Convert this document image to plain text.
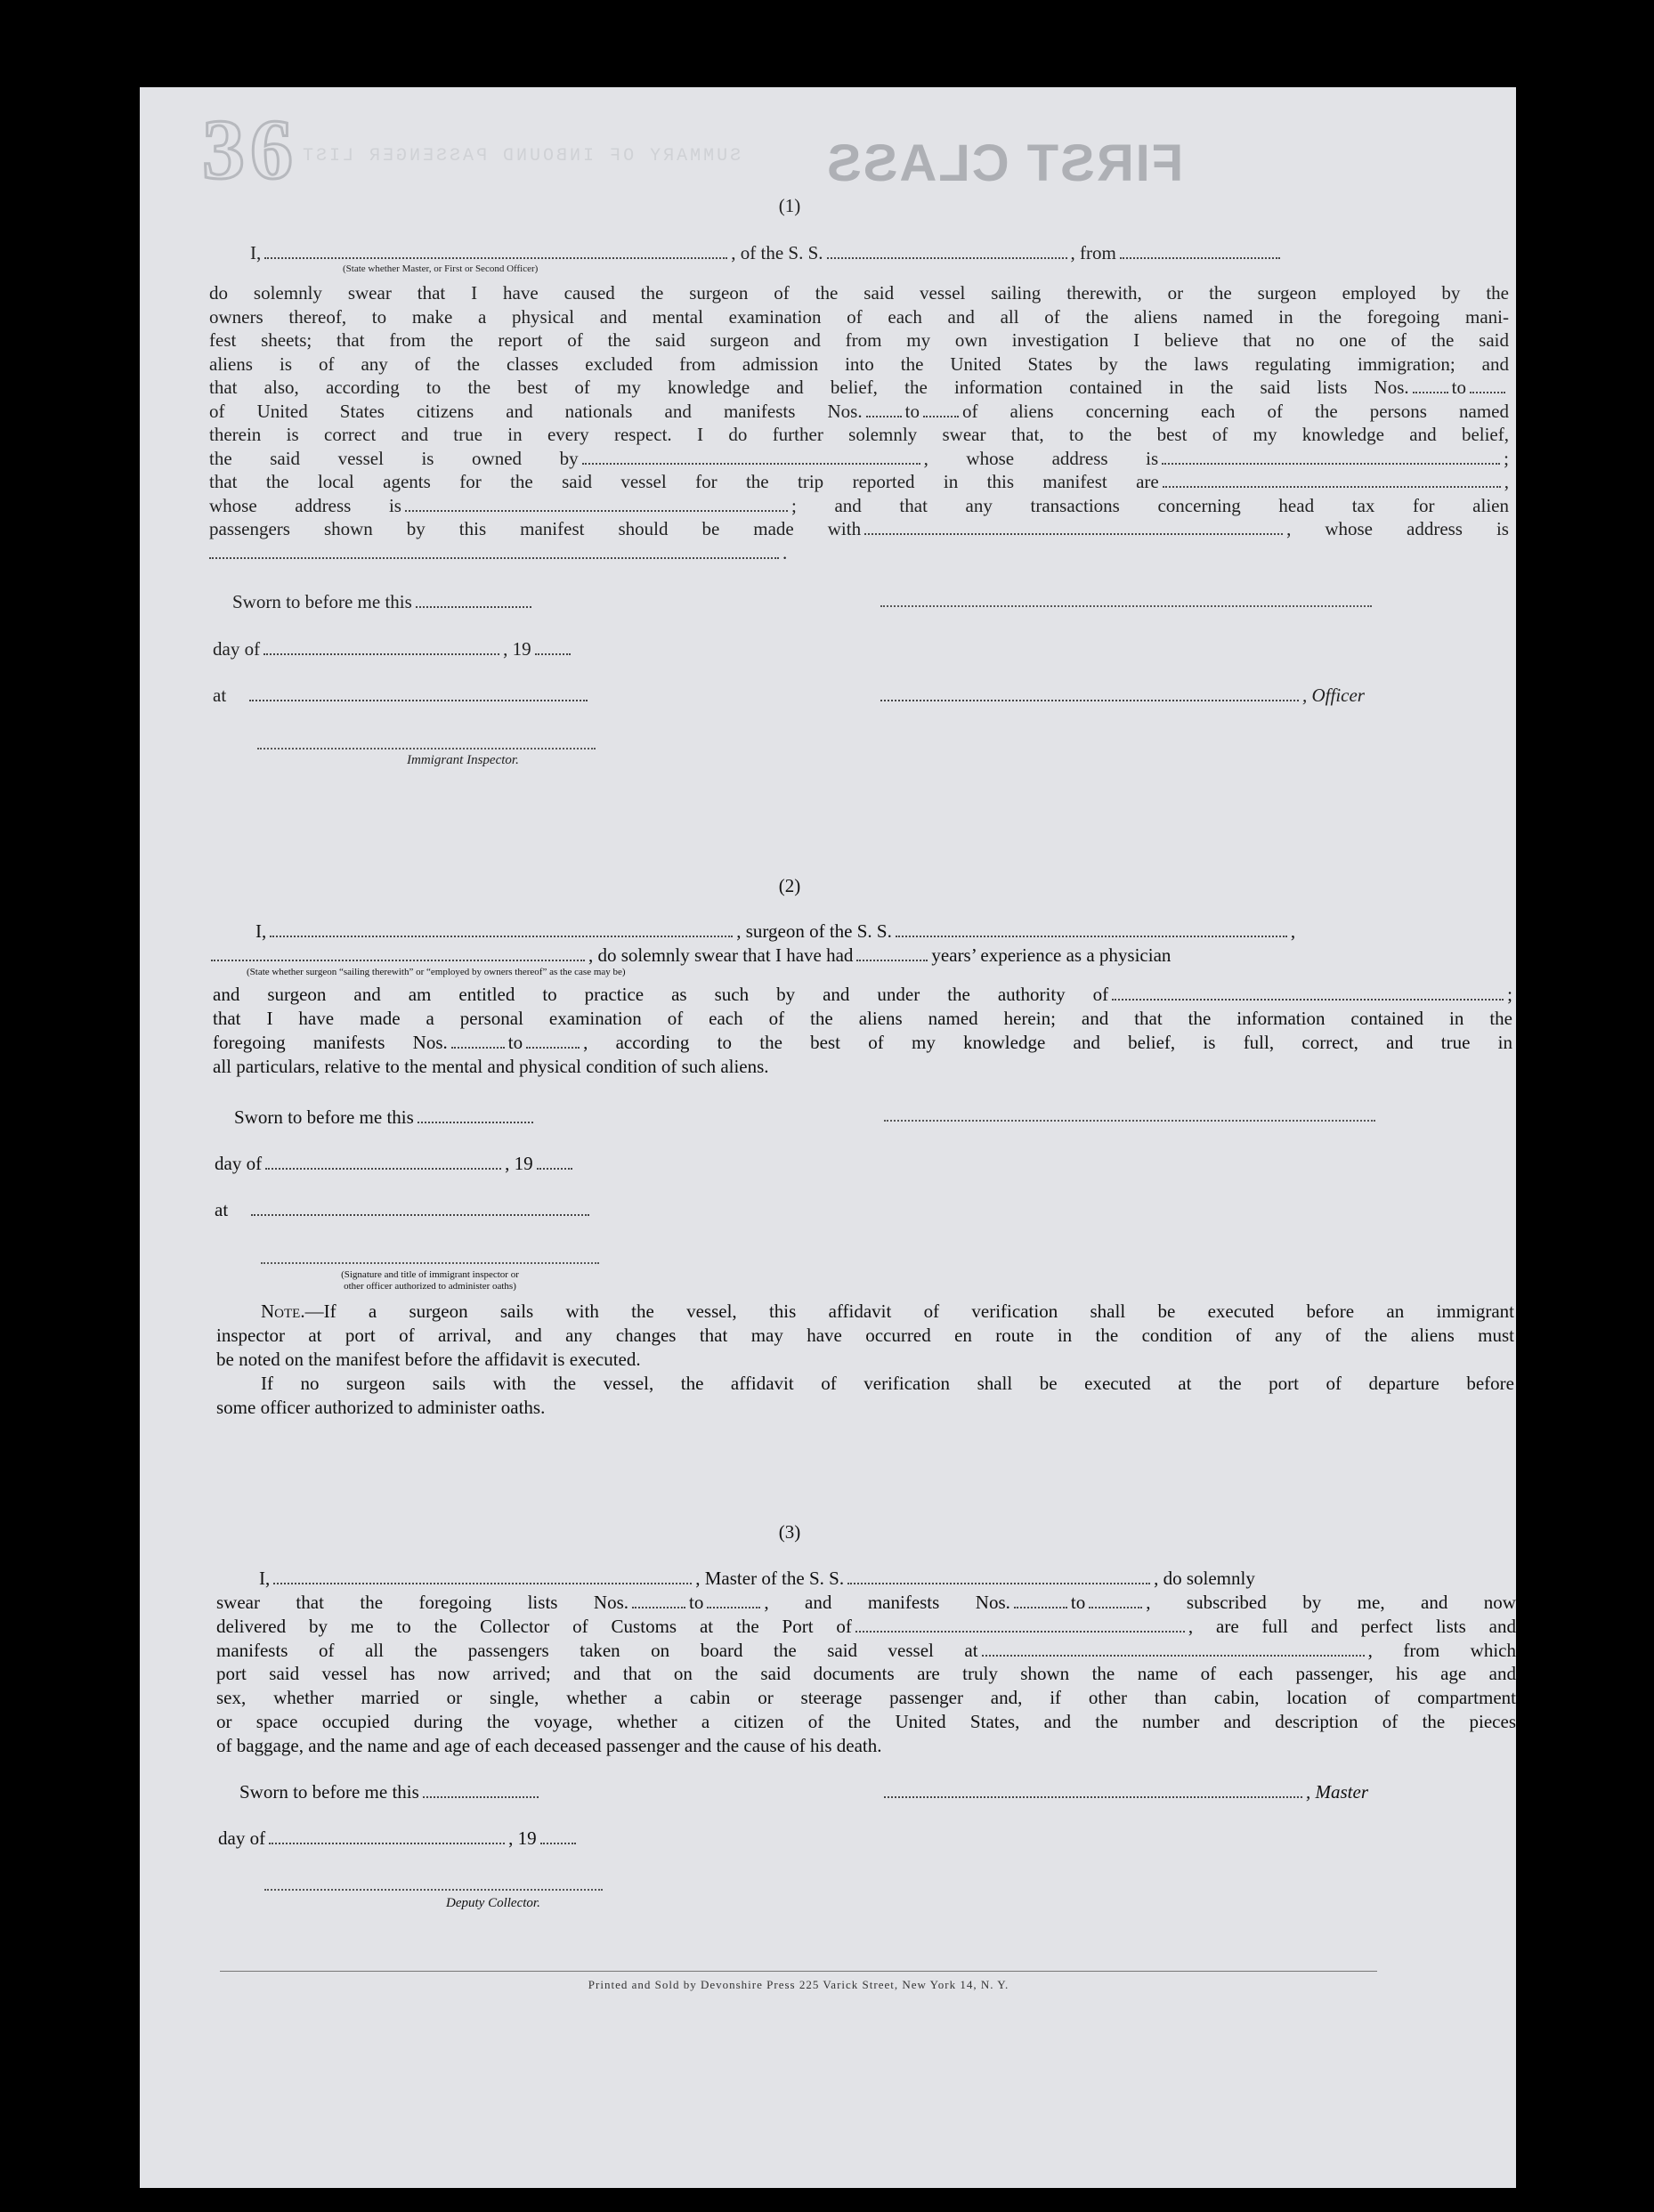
36 SUMMARY OF INBOUND PASSENGER LIST FIRST CLASS
(1)
I,	, of the S. S.	, from
(State whether Master, or First or Second Officer)
do solemnly swear that I have caused the surgeon of the said vessel sailing therewith, or the surgeon employed by the
owners thereof, to make a physical and mental examination of each and all of the aliens named in the foregoing mani-
fest sheets; that from the report of the said surgeon and from my own investigation I believe that no one of the said
aliens is of any of the classes excluded from admission into the United States by the laws regulating immigration; and
that also, according to the best of my knowledge and belief, the information contained in the said lists Nos. to
of United States citizens and nationals and manifests Nos. to of aliens concerning each of the persons named
therein is correct and true in every respect. I do further solemnly swear that, to the best of my knowledge and belief,
the said vessel is owned by	, whose address is	;
that the local agents for the said vessel for the trip reported in this manifest are	,
whose address is	; and that any transactions concerning head tax for alien
passengers shown by this manifest should be made with	, whose address is
.
Sworn to before me this
day of	, 19
at	, Officer
Immigrant Inspector.
(2)
I,	, surgeon of the S. S.	,
, do solemnly swear that I have had	years’ experience as a physician
(State whether surgeon “sailing therewith” or “employed by owners thereof” as the case may be)
and surgeon and am entitled to practice as such by and under the authority of	;
that I have made a personal examination of each of the aliens named herein; and that the information contained in the
foregoing manifests Nos.	to	, according to the best of my knowledge and belief, is full, correct, and true in
all particulars, relative to the mental and physical condition of such aliens.
Sworn to before me this
day of	, 19
at
(Signature and title of immigrant inspector or
other officer authorized to administer oaths)
Note.—If a surgeon sails with the vessel, this affidavit of verification shall be executed before an immigrant
inspector at port of arrival, and any changes that may have occurred en route in the condition of any of the aliens must
be noted on the manifest before the affidavit is executed.
If no surgeon sails with the vessel, the affidavit of verification shall be executed at the port of departure before
some officer authorized to administer oaths.
(3)
I,	, Master of the S. S.	, do solemnly
swear that the foregoing lists Nos.	to	, and manifests Nos.	to	, subscribed by me, and now
delivered by me to the Collector of Customs at the Port of	, are full and perfect lists and
manifests of all the passengers taken on board the said vessel at	, from which
port said vessel has now arrived; and that on the said documents are truly shown the name of each passenger, his age and
sex, whether married or single, whether a cabin or steerage passenger and, if other than cabin, location of compartment
or space occupied during the voyage, whether a citizen of the United States, and the number and description of the pieces
of baggage, and the name and age of each deceased passenger and the cause of his death.
Sworn to before me this	, Master
day of	, 19
Deputy Collector.
Printed and Sold by Devonshire Press 225 Varick Street, New York 14, N. Y.
